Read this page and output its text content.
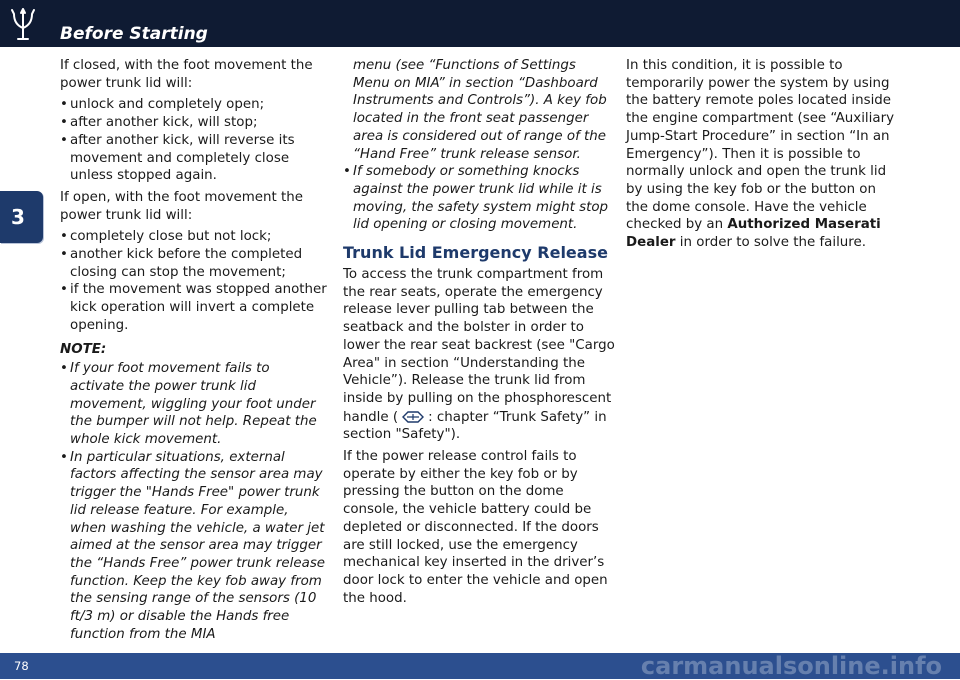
Before Starting
3

If closed, with the foot movement the power trunk lid will:

• unlock and completely open;
• after another kick, will stop;
• after another kick, will reverse its movement and completely close unless stopped again.

If open, with the foot movement the power trunk lid will:

• completely close but not lock;
• another kick before the completed closing can stop the movement;
• if the movement was stopped another kick operation will invert a complete opening.

NOTE:

• If your foot movement fails to activate the power trunk lid movement, wiggling your foot under the bumper will not help. Repeat the whole kick movement.
• In particular situations, external factors affecting the sensor area may trigger the "Hands Free" power trunk lid release feature. For example, when washing the vehicle, a water jet aimed at the sensor area may trigger the “Hands Free” power trunk release function. Keep the key fob away from the sensing range of the sensors (10 ft/3 m) or disable the Hands free function from the MIA

menu (see “Functions of Settings Menu on MIA” in section “Dashboard Instruments and Controls”). A key fob located in the front seat passenger area is considered out of range of the “Hand Free” trunk release sensor.

• If somebody or something knocks against the power trunk lid while it is moving, the safety system might stop lid opening or closing movement.
Trunk Lid Emergency Release

To access the trunk compartment from the rear seats, operate the emergency release lever pulling tab between the seatback and the bolster in order to lower the rear seat backrest (see "Cargo Area" in section “Understanding the Vehicle”). Release the trunk lid from inside by pulling on the phosphorescent handle ( : chapter “Trunk Safety” in section "Safety").

If the power release control fails to operate by either the key fob or by pressing the button on the dome console, the vehicle battery could be depleted or disconnected. If the doors are still locked, use the emergency mechanical key inserted in the driver’s door lock to enter the vehicle and open the hood.

In this condition, it is possible to temporarily power the system by using the battery remote poles located inside the engine compartment (see “Auxiliary Jump-Start Procedure” in section “In an Emergency”). Then it is possible to normally unlock and open the trunk lid by using the key fob or the button on the dome console. Have the vehicle checked by an Authorized Maserati Dealer in order to solve the failure.

78	carmanualsonline.info
